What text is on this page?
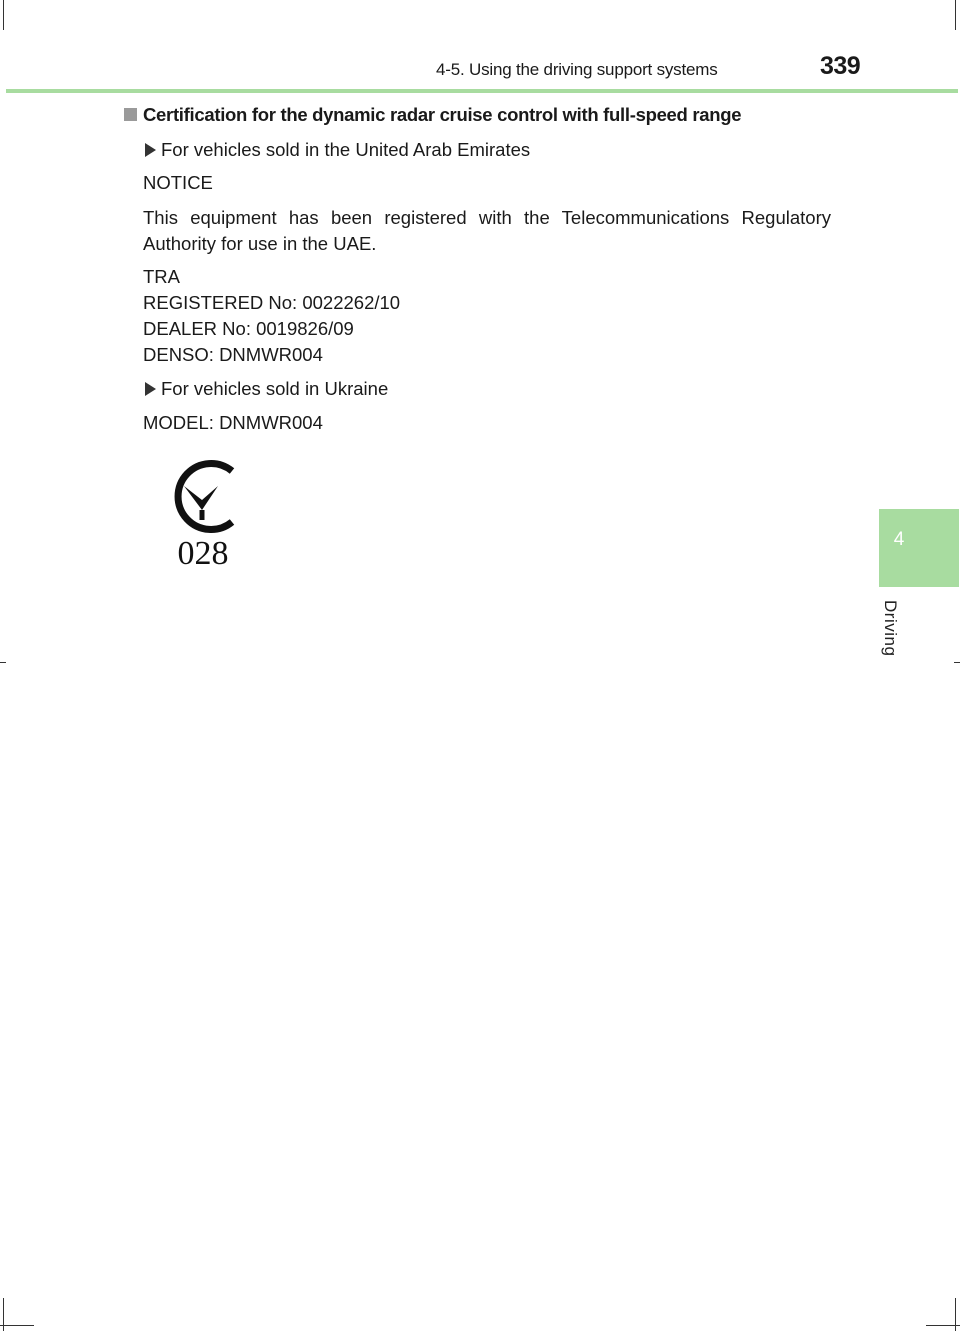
4-5. Using the driving support systems	339
Certification for the dynamic radar cruise control with full-speed range
For vehicles sold in the United Arab Emirates
NOTICE
This equipment has been registered with the Telecommunications Regulatory Authority for use in the UAE.
TRA
REGISTERED No: 0022262/10
DEALER No: 0019826/09
DENSO: DNMWR004
For vehicles sold in Ukraine
MODEL: DNMWR004
028	4
Driving
